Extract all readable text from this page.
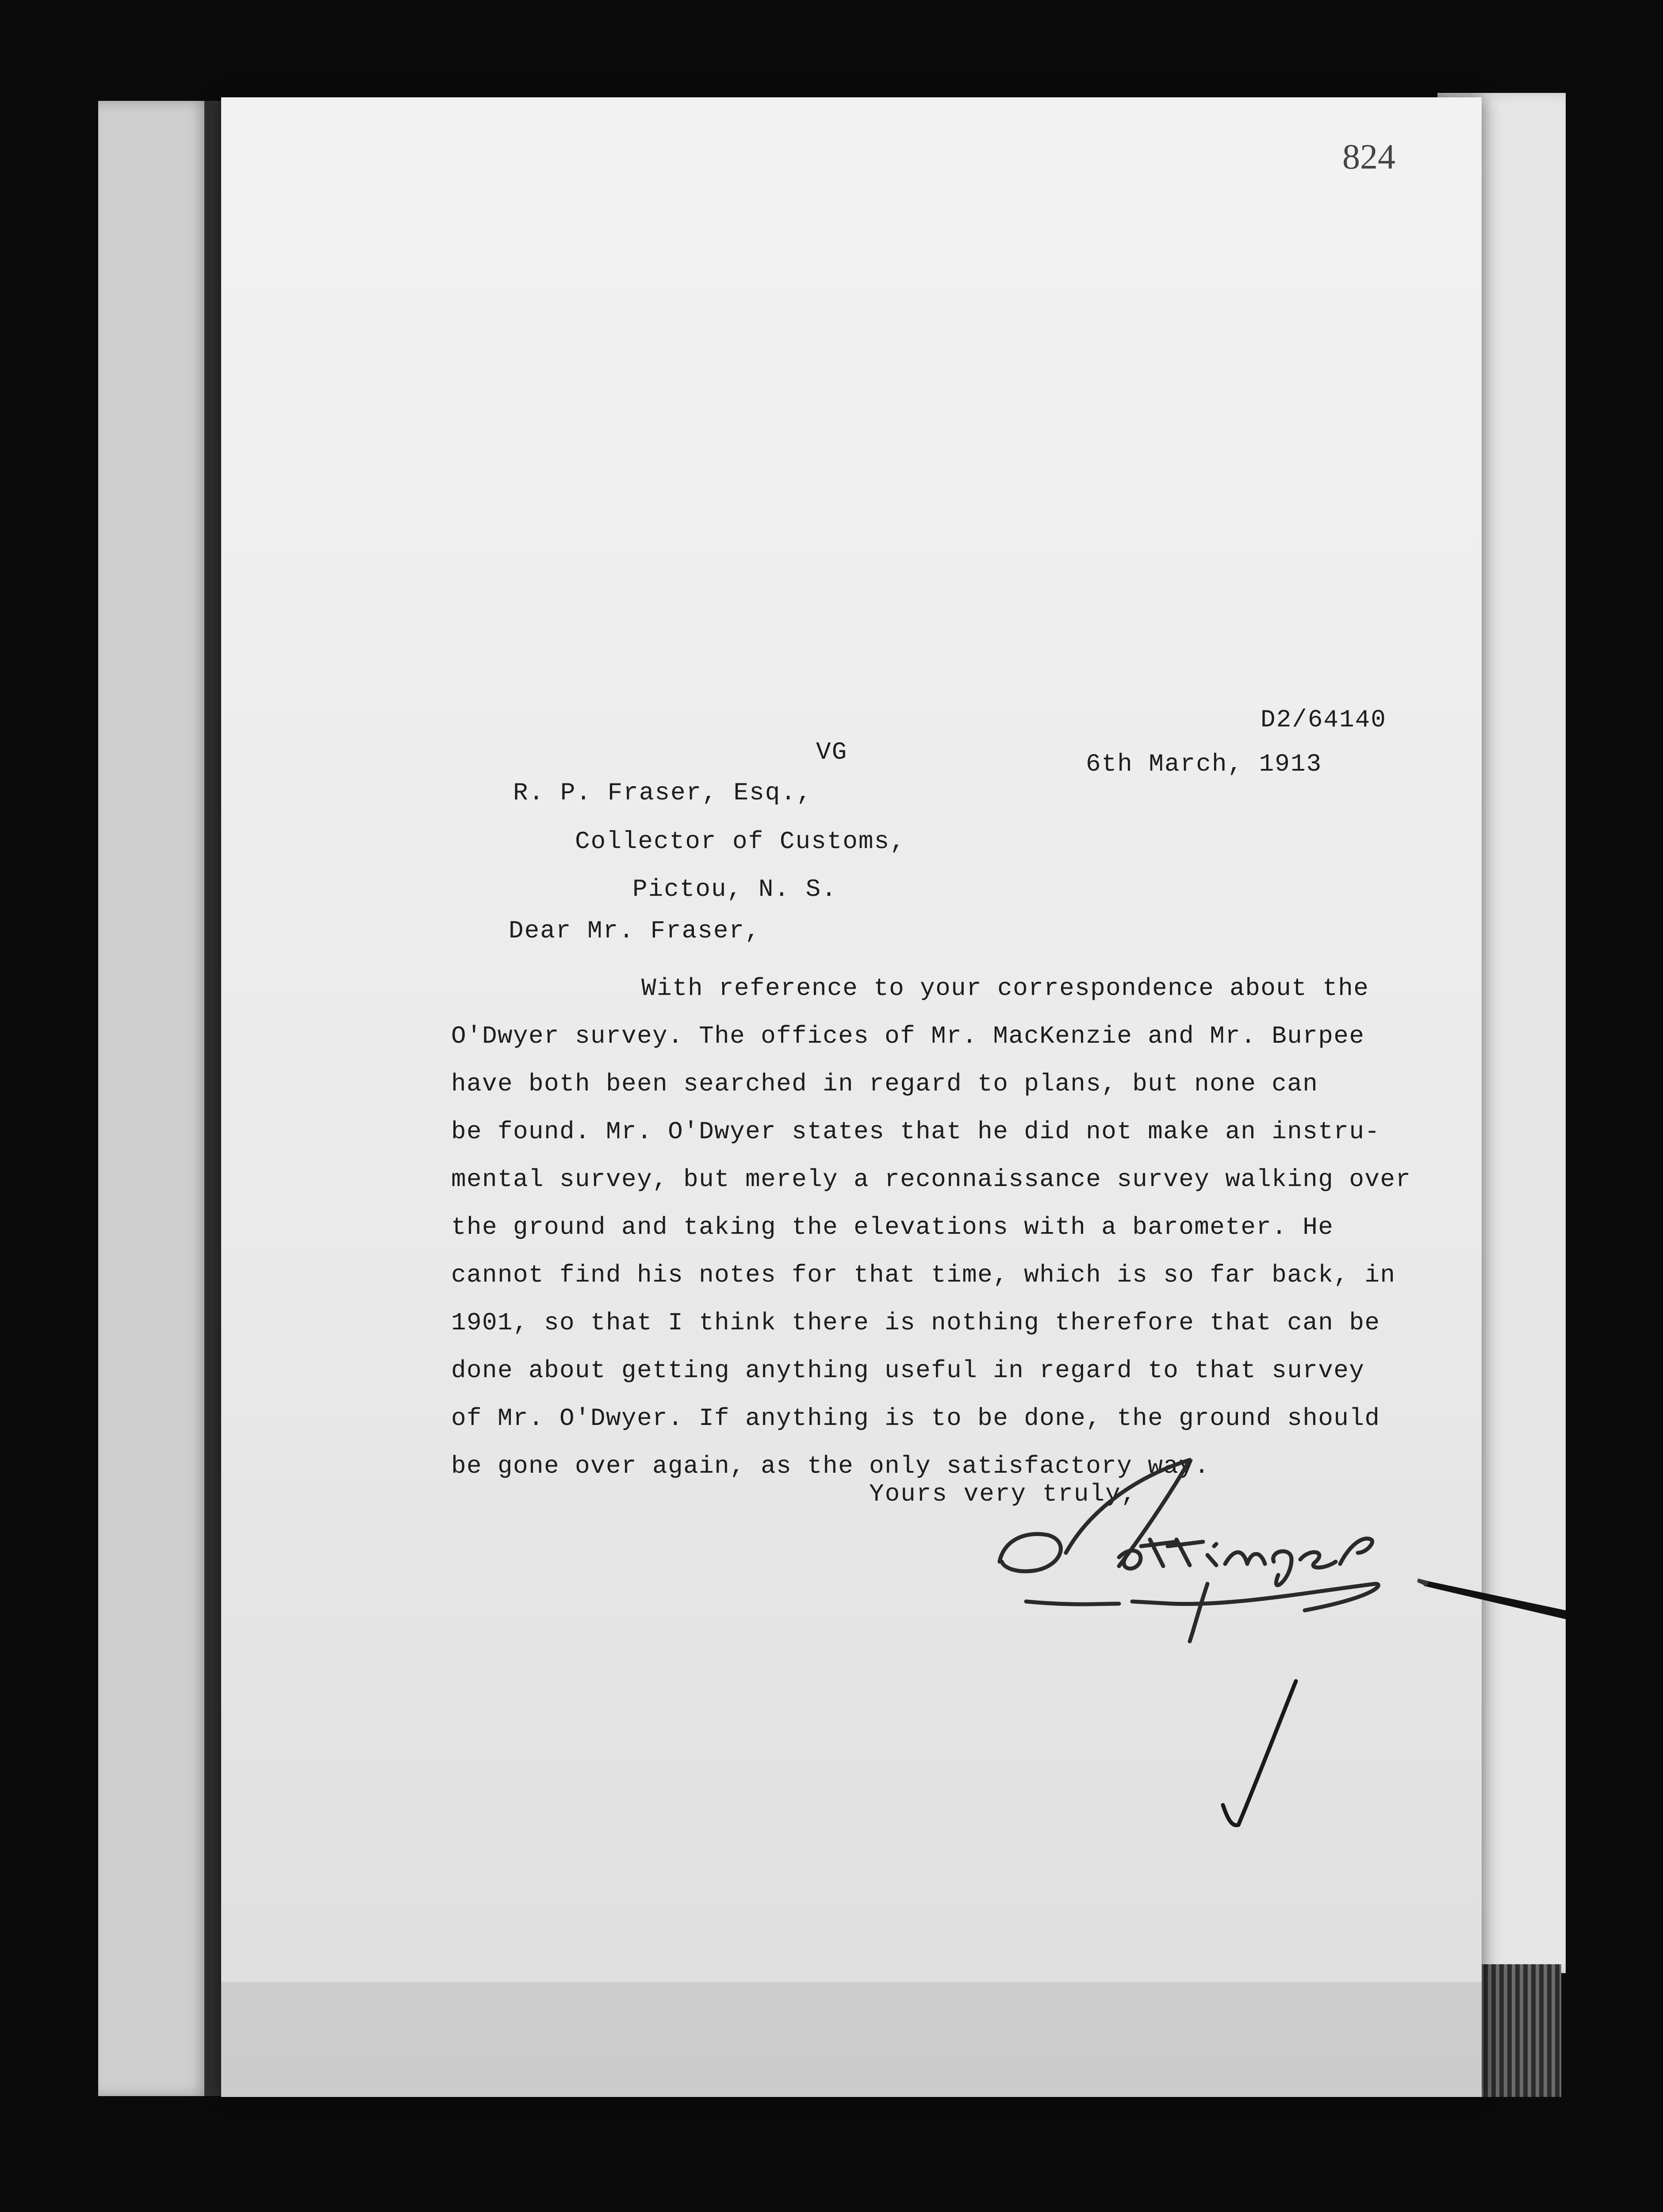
824
D2/64140
VG	6th March, 1913
R. P. Fraser, Esq.,
Collector of Customs,
Pictou, N. S.
Dear Mr. Fraser,
With reference to your correspondence about the
O'Dwyer survey. The offices of Mr. MacKenzie and Mr. Burpee
have both been searched in regard to plans, but none can
be found. Mr. O'Dwyer states that he did not make an instru-
mental survey, but merely a reconnaissance survey walking over
the ground and taking the elevations with a barometer. He
cannot find his notes for that time, which is so far back, in
1901, so that I think there is nothing therefore that can be
done about getting anything useful in regard to that survey
of Mr. O'Dwyer. If anything is to be done, the ground should
be gone over again, as the only satisfactory way.
Yours very truly,
